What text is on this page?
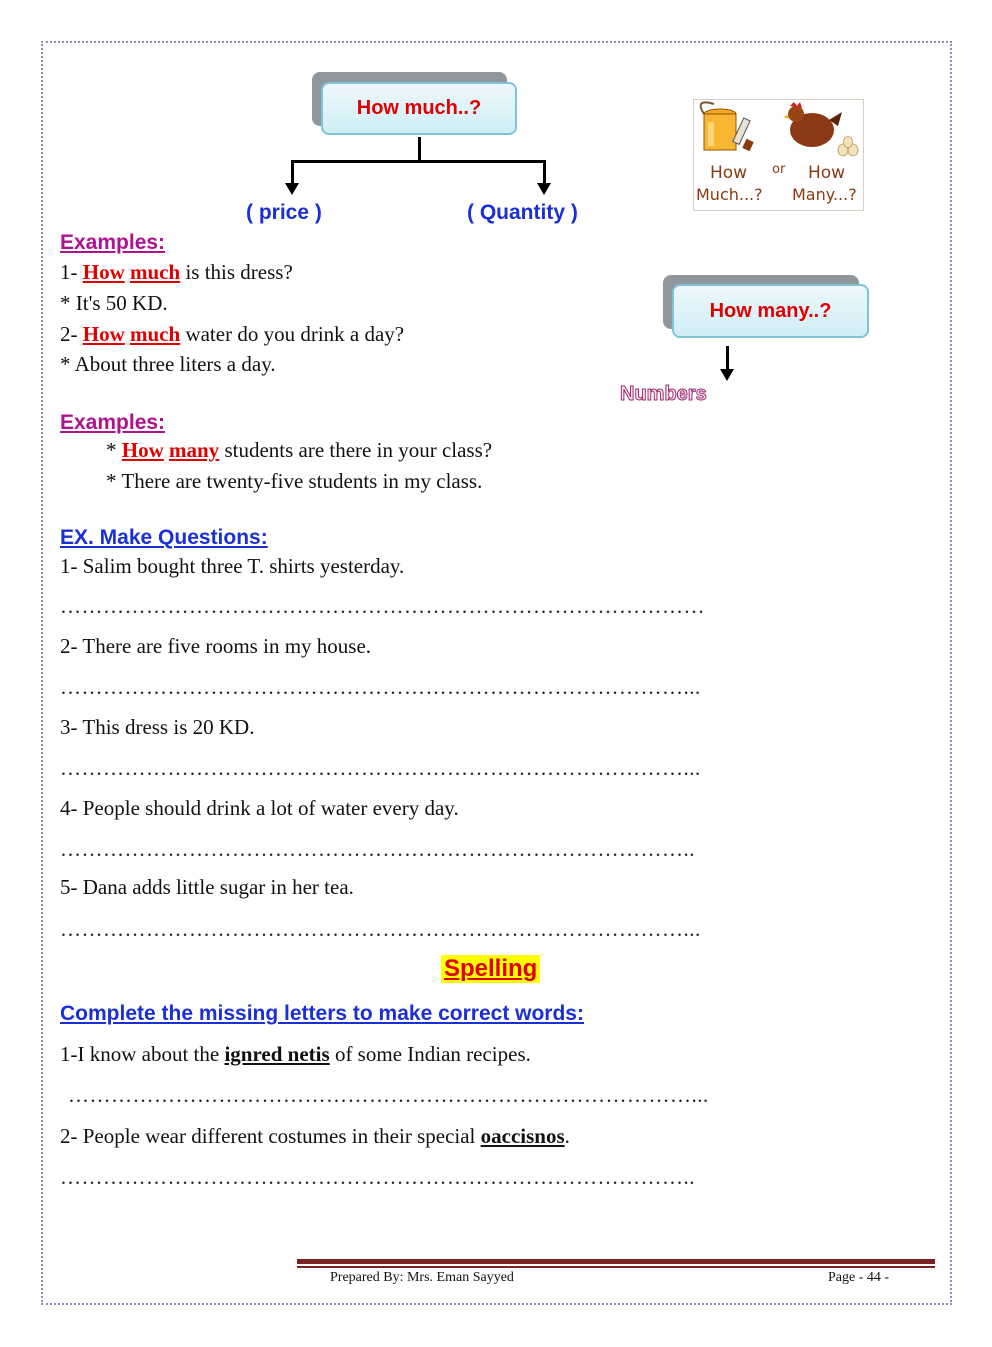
How much..?
( price )	( Quantity )
How
Much...?
or How
Many...?
How many..?
Numbers
Examples:
1- How much is this dress?
* It's 50 KD.
2- How much water do you drink a day?
* About three liters a day.
Examples:
* How many students are there in your class?
* There are twenty-five students in my class.
EX. Make Questions:
1- Salim bought three T. shirts yesterday.
………………………………………………………………………………
2- There are five rooms in my house.
……………………………………………………………………………...
3- This dress is 20 KD.
……………………………………………………………………………...
4- People should drink a lot of water every day.
……………………………………………………………………………..
5- Dana adds little sugar in her tea.
……………………………………………………………………………...
Spelling
Complete the missing letters to make correct words:
1-I know about the ignred netis of some Indian recipes.
……………………………………………………………………………...
2- People wear different costumes in their special oaccisnos.
……………………………………………………………………………..
Prepared By: Mrs. Eman Sayyed	Page - 44 -
